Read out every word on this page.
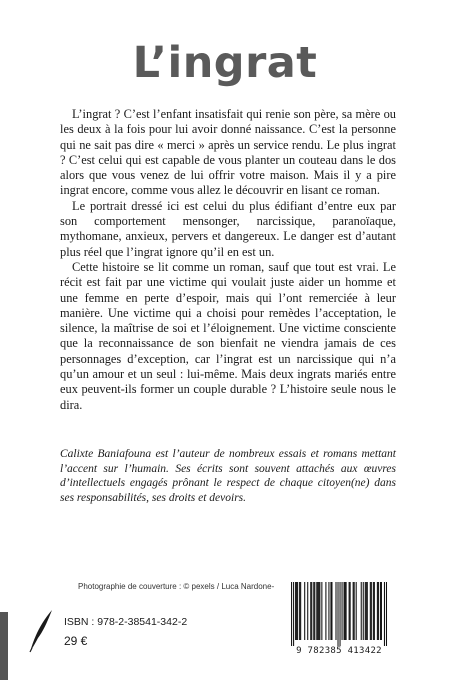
L’ingrat

L’ingrat ? C’est l’enfant insatisfait qui renie son père, sa mère ou les deux à la fois pour lui avoir donné naissance. C’est la personne qui ne sait pas dire « merci » après un service rendu. Le plus ingrat ? C’est celui qui est capable de vous planter un couteau dans le dos alors que vous venez de lui offrir votre maison. Mais il y a pire ingrat encore, comme vous allez le découvrir en lisant ce roman.

Le portrait dressé ici est celui du plus édifiant d’entre eux par son comportement mensonger, narcissique, paranoïaque, mythomane, anxieux, pervers et dangereux. Le danger est d’autant plus réel que l’ingrat ignore qu’il en est un.

Cette histoire se lit comme un roman, sauf que tout est vrai. Le récit est fait par une victime qui voulait juste aider un homme et une femme en perte d’espoir, mais qui l’ont remerciée à leur manière. Une victime qui a choisi pour remèdes l’acceptation, le silence, la maîtrise de soi et l’éloignement. Une victime consciente que la reconnaissance de son bienfait ne viendra jamais de ces personnages d’exception, car l’ingrat est un narcissique qui n’a qu’un amour et un seul : lui-même. Mais deux ingrats mariés entre eux peuvent-ils former un couple durable ? L’histoire seule nous le dira.

Calixte Baniafouna est l’auteur de nombreux essais et romans mettant l’accent sur l’humain. Ses écrits sont souvent attachés aux œuvres d’intellectuels engagés prônant le respect de chaque citoyen(ne) dans ses responsabilités, ses droits et devoirs.
Photographie de couverture : © pexels / Luca Nardone-
ISBN : 978-2-38541-342-2
29 €
9 782385 413422
